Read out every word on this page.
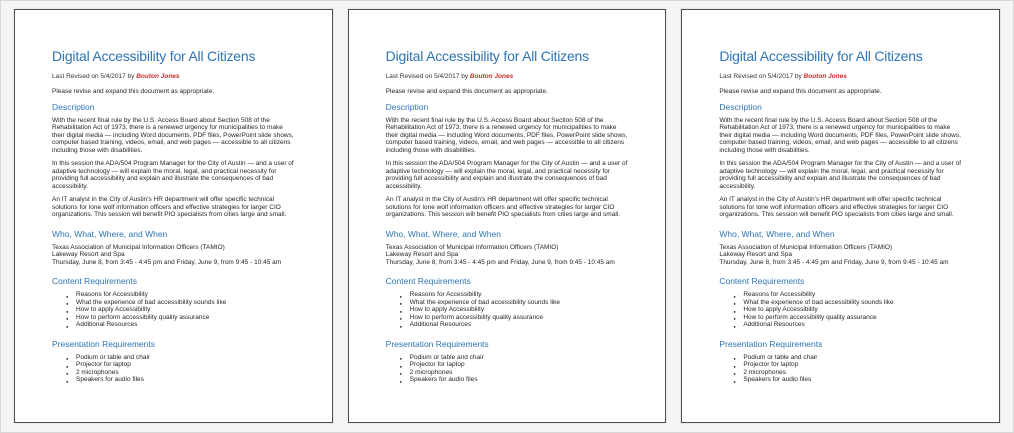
Digital Accessibility for All Citizens

Last Revised on 5/4/2017 by Bouton Jones

Please revise and expand this document as appropriate.

Description

With the recent final rule by the U.S. Access Board about Section 508 of the Rehabilitation Act of 1973, there is a renewed urgency for municipalities to make their digital media — including Word documents, PDF files, PowerPoint slide shows, computer based training, videos, email, and web pages — accessible to all citizens including those with disabilities.

In this session the ADA/504 Program Manager for the City of Austin — and a user of adaptive technology — will explain the moral, legal, and practical necessity for providing full accessibility and explain and illustrate the consequences of bad accessibility.

An IT analyst in the City of Austin's HR department will offer specific technical solutions for lone wolf information officers and effective strategies for larger CIO organizations. This session will benefit PIO specialists from cities large and small.

Who, What, Where, and When
Texas Association of Municipal Information Officers (TAMIO)
Lakeway Resort and Spa
Thursday, June 8, from 3:45 - 4:45 pm and Friday, June 9, from 9:45 - 10:45 am
Content Requirements
● Reasons for Accessibility
● What the experience of bad accessibility sounds like
● How to apply Accessibility
● How to perform accessibility quality assurance
● Additional Resources
Presentation Requirements
● Podium or table and chair
● Projector for laptop
● 2 microphones
● Speakers for audio files
Digital Accessibility for All Citizens

Last Revised on 5/4/2017 by Bouton Jones

Please revise and expand this document as appropriate.

Description

With the recent final rule by the U.S. Access Board about Section 508 of the Rehabilitation Act of 1973, there is a renewed urgency for municipalities to make their digital media — including Word documents, PDF files, PowerPoint slide shows, computer based training, videos, email, and web pages — accessible to all citizens including those with disabilities.

In this session the ADA/504 Program Manager for the City of Austin — and a user of adaptive technology — will explain the moral, legal, and practical necessity for providing full accessibility and explain and illustrate the consequences of bad accessibility.

An IT analyst in the City of Austin's HR department will offer specific technical solutions for lone wolf information officers and effective strategies for larger CIO organizations. This session will benefit PIO specialists from cities large and small.

Who, What, Where, and When
Texas Association of Municipal Information Officers (TAMIO)
Lakeway Resort and Spa
Thursday, June 8, from 3:45 - 4:45 pm and Friday, June 9, from 9:45 - 10:45 am
Content Requirements
● Reasons for Accessibility
● What the experience of bad accessibility sounds like
● How to apply Accessibility
● How to perform accessibility quality assurance
● Additional Resources
Presentation Requirements
● Podium or table and chair
● Projector for laptop
● 2 microphones
● Speakers for audio files
Digital Accessibility for All Citizens

Last Revised on 5/4/2017 by Bouton Jones

Please revise and expand this document as appropriate.

Description

With the recent final rule by the U.S. Access Board about Section 508 of the Rehabilitation Act of 1973, there is a renewed urgency for municipalities to make their digital media — including Word documents, PDF files, PowerPoint slide shows, computer based training, videos, email, and web pages — accessible to all citizens including those with disabilities.

In this session the ADA/504 Program Manager for the City of Austin — and a user of adaptive technology — will explain the moral, legal, and practical necessity for providing full accessibility and explain and illustrate the consequences of bad accessibility.

An IT analyst in the City of Austin's HR department will offer specific technical solutions for lone wolf information officers and effective strategies for larger CIO organizations. This session will benefit PIO specialists from cities large and small.

Who, What, Where, and When
Texas Association of Municipal Information Officers (TAMIO)
Lakeway Resort and Spa
Thursday, June 8, from 3:45 - 4:45 pm and Friday, June 9, from 9:45 - 10:45 am
Content Requirements
● Reasons for Accessibility
● What the experience of bad accessibility sounds like
● How to apply Accessibility
● How to perform accessibility quality assurance
● Additional Resources
Presentation Requirements
● Podium or table and chair
● Projector for laptop
● 2 microphones
● Speakers for audio files
